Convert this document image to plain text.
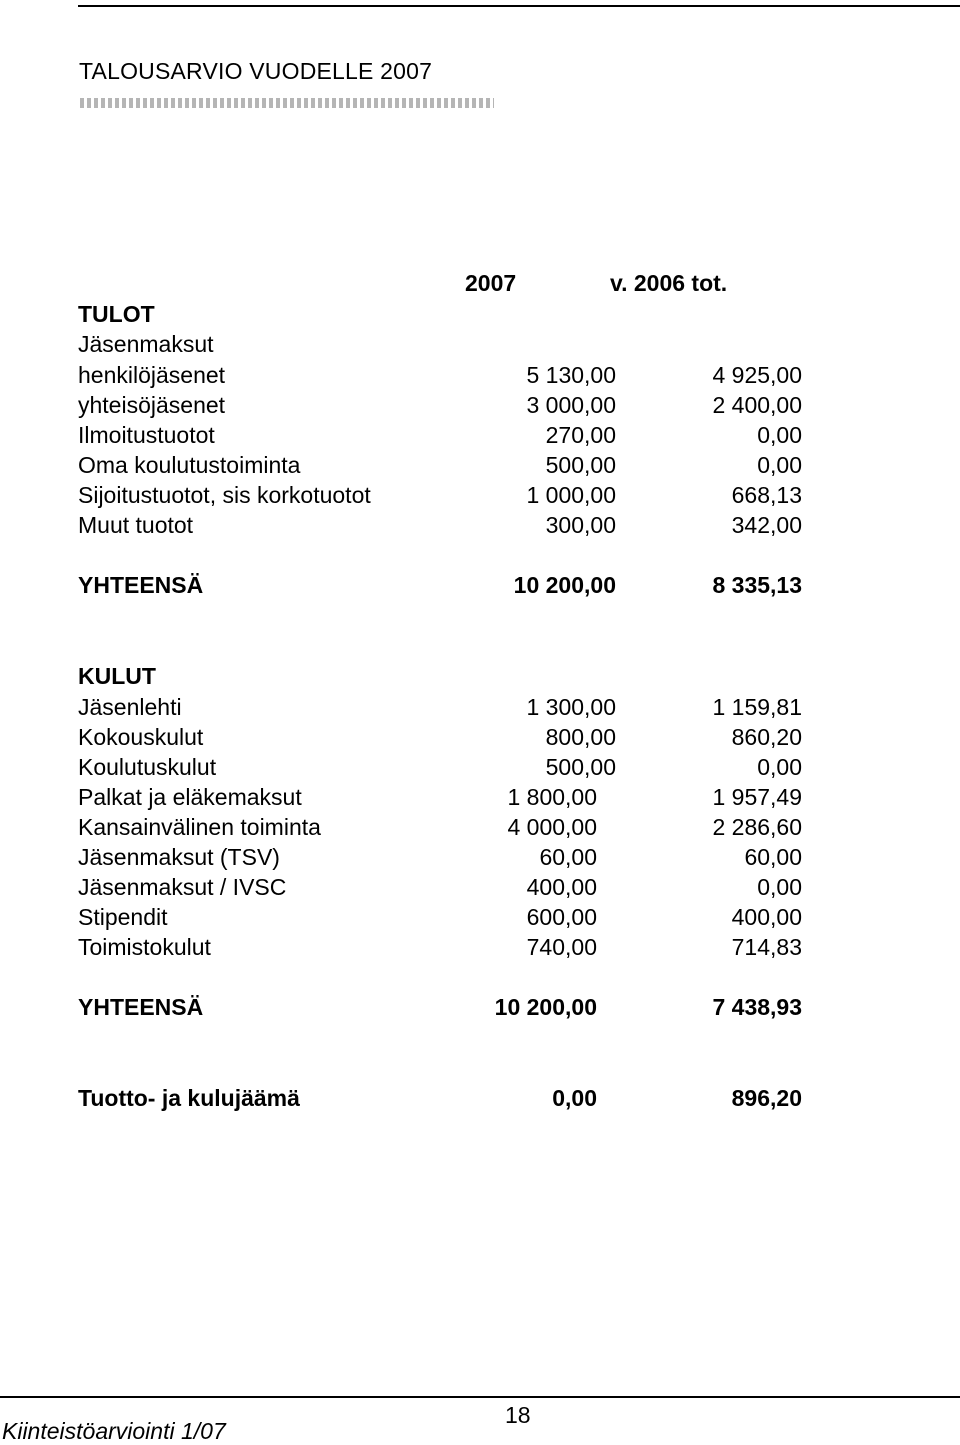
TALOUSARVIO VUODELLE 2007
2007	v. 2006 tot.
TULOT
Jäsenmaksut
henkilöjäsenet	5 130,00	4 925,00
yhteisöjäsenet	3 000,00	2 400,00
Ilmoitustuotot	270,00	0,00
Oma koulutustoiminta	500,00	0,00
Sijoitustuotot, sis korkotuotot	1 000,00	668,13
Muut tuotot	300,00	342,00
YHTEENSÄ	10 200,00	8 335,13
KULUT
Jäsenlehti	1 300,00	1 159,81
Kokouskulut	800,00	860,20
Koulutuskulut	500,00	0,00
Palkat ja eläkemaksut	1 800,00	1 957,49
Kansainvälinen toiminta	4 000,00	2 286,60
Jäsenmaksut (TSV)	60,00	60,00
Jäsenmaksut / IVSC	400,00	0,00
Stipendit	600,00	400,00
Toimistokulut	740,00	714,83
YHTEENSÄ	10 200,00	7 438,93
Tuotto- ja kulujäämä	0,00	896,20
Kiinteistöarviointi 1/07
18
